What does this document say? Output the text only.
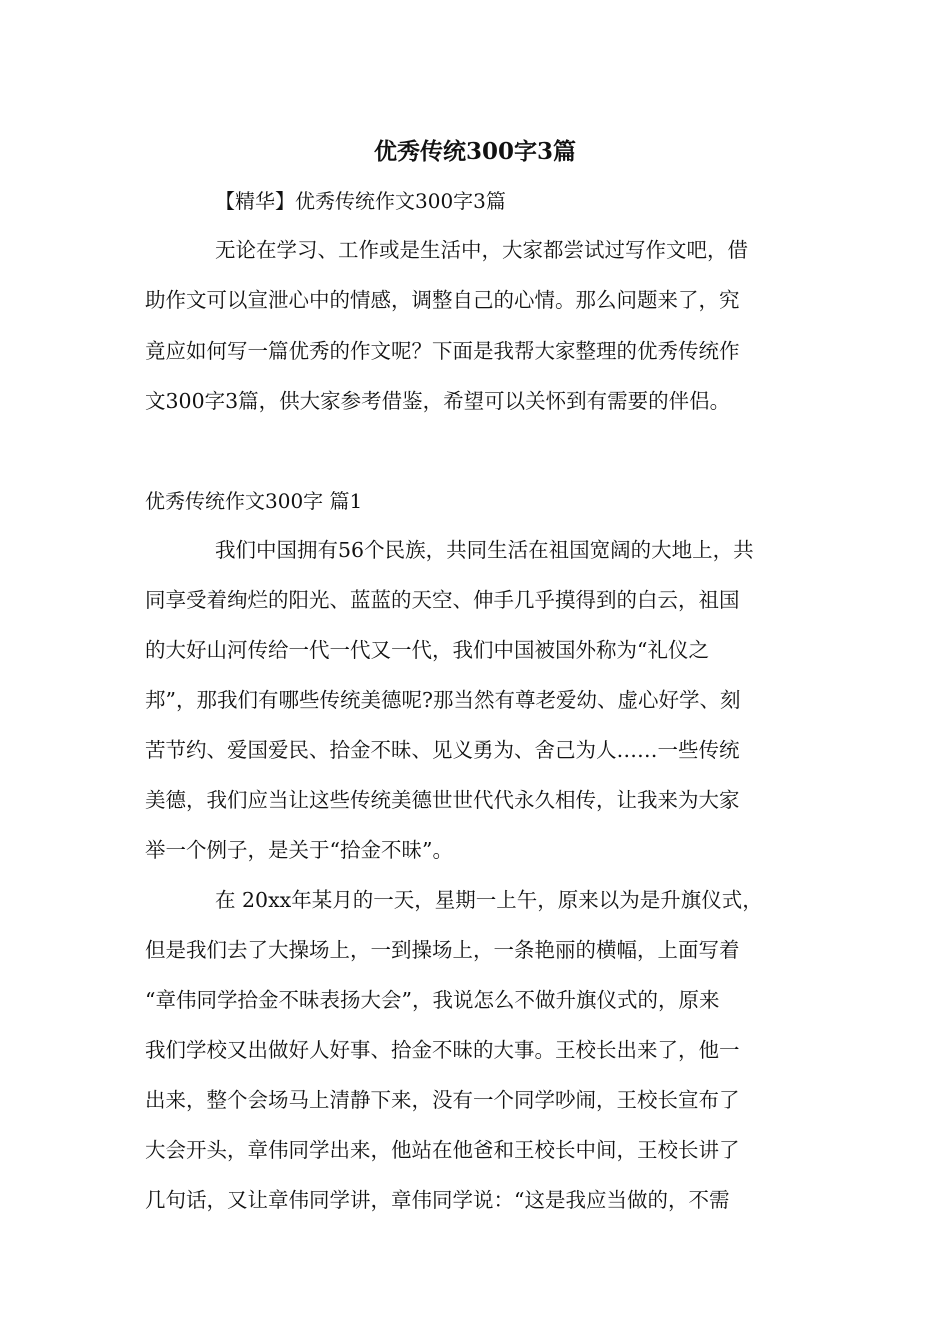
优秀传统300字3篇
【精华】优秀传统作文300字3篇
无论在学习、工作或是生活中，大家都尝试过写作文吧，借
助作文可以宣泄心中的情感，调整自己的心情。那么问题来了，究
竟应如何写一篇优秀的作文呢？下面是我帮大家整理的优秀传统作
文300字3篇，供大家参考借鉴，希望可以关怀到有需要的伴侣。
优秀传统作文300字 篇1
我们中国拥有56个民族，共同生活在祖国宽阔的大地上，共
同享受着绚烂的阳光、蓝蓝的天空、伸手几乎摸得到的白云，祖国
的大好山河传给一代一代又一代，我们中国被国外称为“礼仪之
邦”，那我们有哪些传统美德呢?那当然有尊老爱幼、虚心好学、刻
苦节约、爱国爱民、拾金不昧、见义勇为、舍己为人……一些传统
美德，我们应当让这些传统美德世世代代永久相传，让我来为大家
举一个例子，是关于“拾金不昧”。
在 20xx年某月的一天，星期一上午，原来以为是升旗仪式，
但是我们去了大操场上，一到操场上，一条艳丽的横幅，上面写着
“章伟同学拾金不昧表扬大会”，我说怎么不做升旗仪式的，原来
我们学校又出做好人好事、拾金不昧的大事。王校长出来了，他一
出来，整个会场马上清静下来，没有一个同学吵闹，王校长宣布了
大会开头，章伟同学出来，他站在他爸和王校长中间，王校长讲了
几句话，又让章伟同学讲，章伟同学说：“这是我应当做的，不需
